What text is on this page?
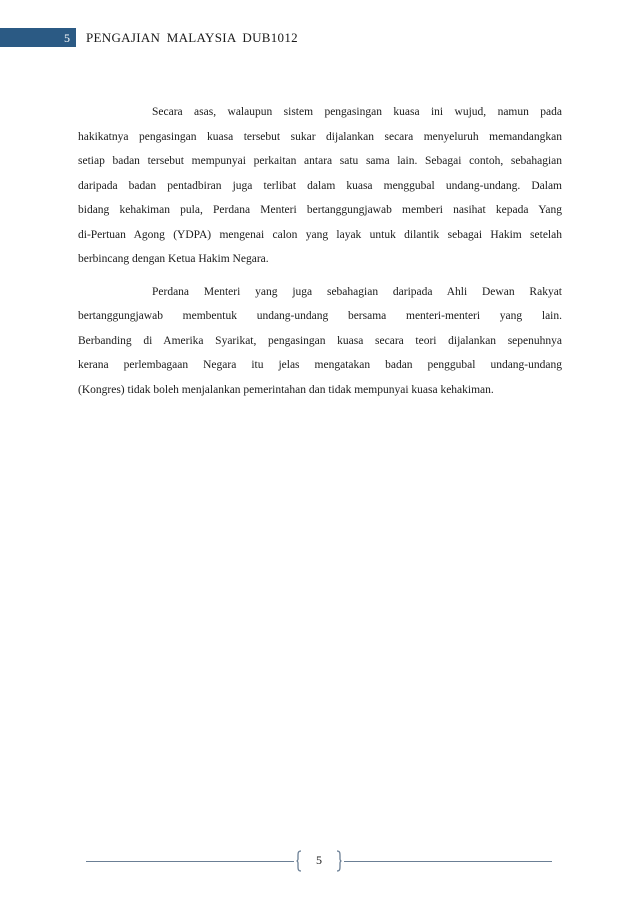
5	PENGAJIAN MALAYSIA DUB1012

Secara asas, walaupun sistem pengasingan kuasa ini wujud, namun pada
hakikatnya pengasingan kuasa tersebut sukar dijalankan secara menyeluruh memandangkan
setiap badan tersebut mempunyai perkaitan antara satu sama lain. Sebagai contoh, sebahagian
daripada badan pentadbiran juga terlibat dalam kuasa menggubal undang-undang. Dalam
bidang kehakiman pula, Perdana Menteri bertanggungjawab memberi nasihat kepada Yang
di-Pertuan Agong (YDPA) mengenai calon yang layak untuk dilantik sebagai Hakim setelah
berbincang dengan Ketua Hakim Negara.

Perdana Menteri yang juga sebahagian daripada Ahli Dewan Rakyat
bertanggungjawab membentuk undang-undang bersama menteri-menteri yang lain.
Berbanding di Amerika Syarikat, pengasingan kuasa secara teori dijalankan sepenuhnya
kerana perlembagaan Negara itu jelas mengatakan badan penggubal undang-undang
(Kongres) tidak boleh menjalankan pemerintahan dan tidak mempunyai kuasa kehakiman.

5
